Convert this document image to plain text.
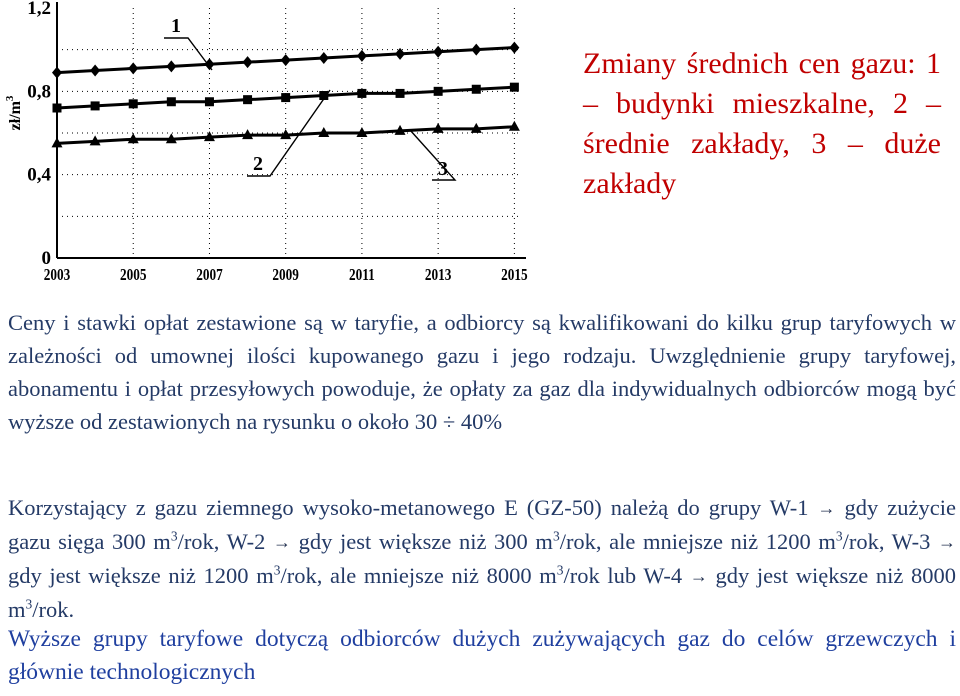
1
2	3
0
0,4
0,8
1,2
2003	2005	2007	2009	2011	2013	2015
$zł/m^3$
Zmiany średnich cen gazu: 1 – budynki mieszkalne, 2 – średnie zakłady, 3 – duże zakłady
Ceny i stawki opłat zestawione są w taryfie, a odbiorcy są kwalifikowani do kilku grup taryfowych w zależności od umownej ilości kupowanego gazu i jego rodzaju. Uwzględnienie grupy taryfowej, abonamentu i opłat przesyłowych powoduje, że opłaty za gaz dla indywidualnych odbiorców mogą być wyższe od zestawionych na rysunku o około 30 ÷ 40%
Korzystający z gazu ziemnego wysoko-metanowego E (GZ-50) należą do grupy W-1 → gdy zużycie gazu sięga 300 $m^3$/rok, W-2 → gdy jest większe niż 300 $m^3$/rok, ale mniejsze niż 1200 $m^3$/rok, W-3 → gdy jest większe niż 1200 $m^3$/rok, ale mniejsze niż 8000 $m^3$/rok lub W-4 → gdy jest większe niż 8000 $m^3$/rok.
Wyższe grupy taryfowe dotyczą odbiorców dużych zużywających gaz do celów grzewczych i głównie technologicznych
